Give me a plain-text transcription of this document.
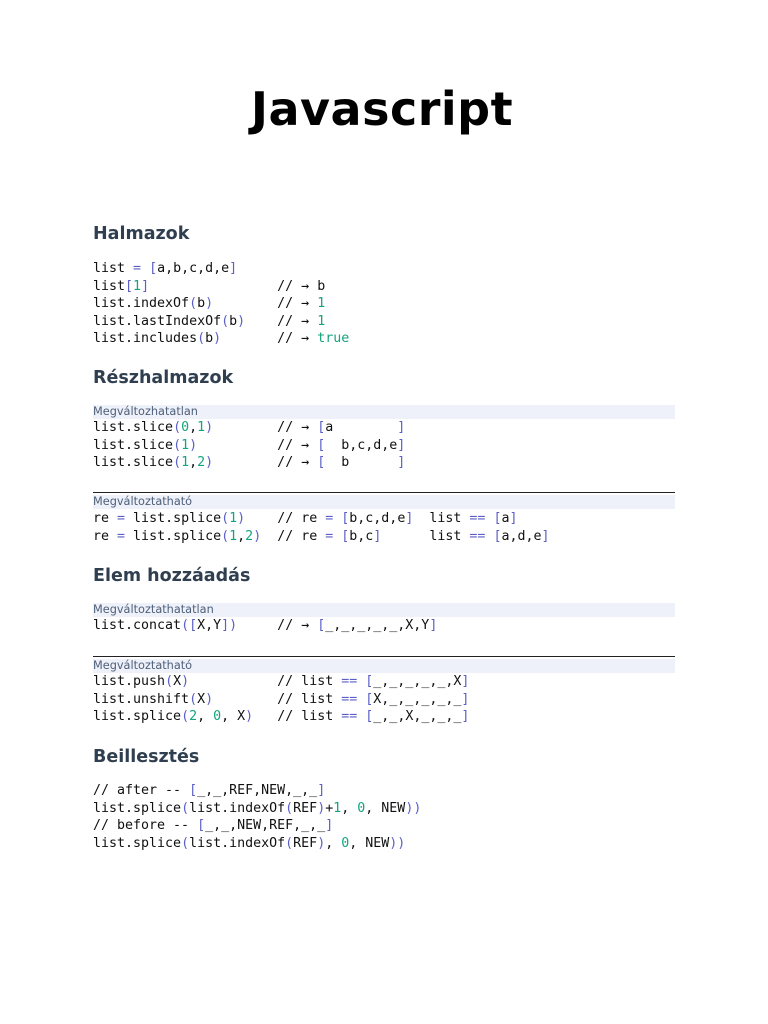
Javascript
Halmazok
list = [a,b,c,d,e]
list[1]                // → b
list.indexOf(b)        // → 1
list.lastIndexOf(b)    // → 1
list.includes(b)       // → true
Részhalmazok
Megváltozhatatlan
list.slice(0,1)        // → [a        ]
list.slice(1)          // → [  b,c,d,e]
list.slice(1,2)        // → [  b      ]
Megváltoztatható
re = list.splice(1)    // re = [b,c,d,e]  list == [a]
re = list.splice(1,2)  // re = [b,c]      list == [a,d,e]
Elem hozzáadás
Megváltoztathatatlan
list.concat([X,Y])     // → [_,_,_,_,_,X,Y]
Megváltoztatható
list.push(X)           // list == [_,_,_,_,_,X]
list.unshift(X)        // list == [X,_,_,_,_,_]
list.splice(2, 0, X)   // list == [_,_,X,_,_,_]
Beillesztés
// after -- [_,_,REF,NEW,_,_]
list.splice(list.indexOf(REF)+1, 0, NEW))
// before -- [_,_,NEW,REF,_,_]
list.splice(list.indexOf(REF), 0, NEW))
